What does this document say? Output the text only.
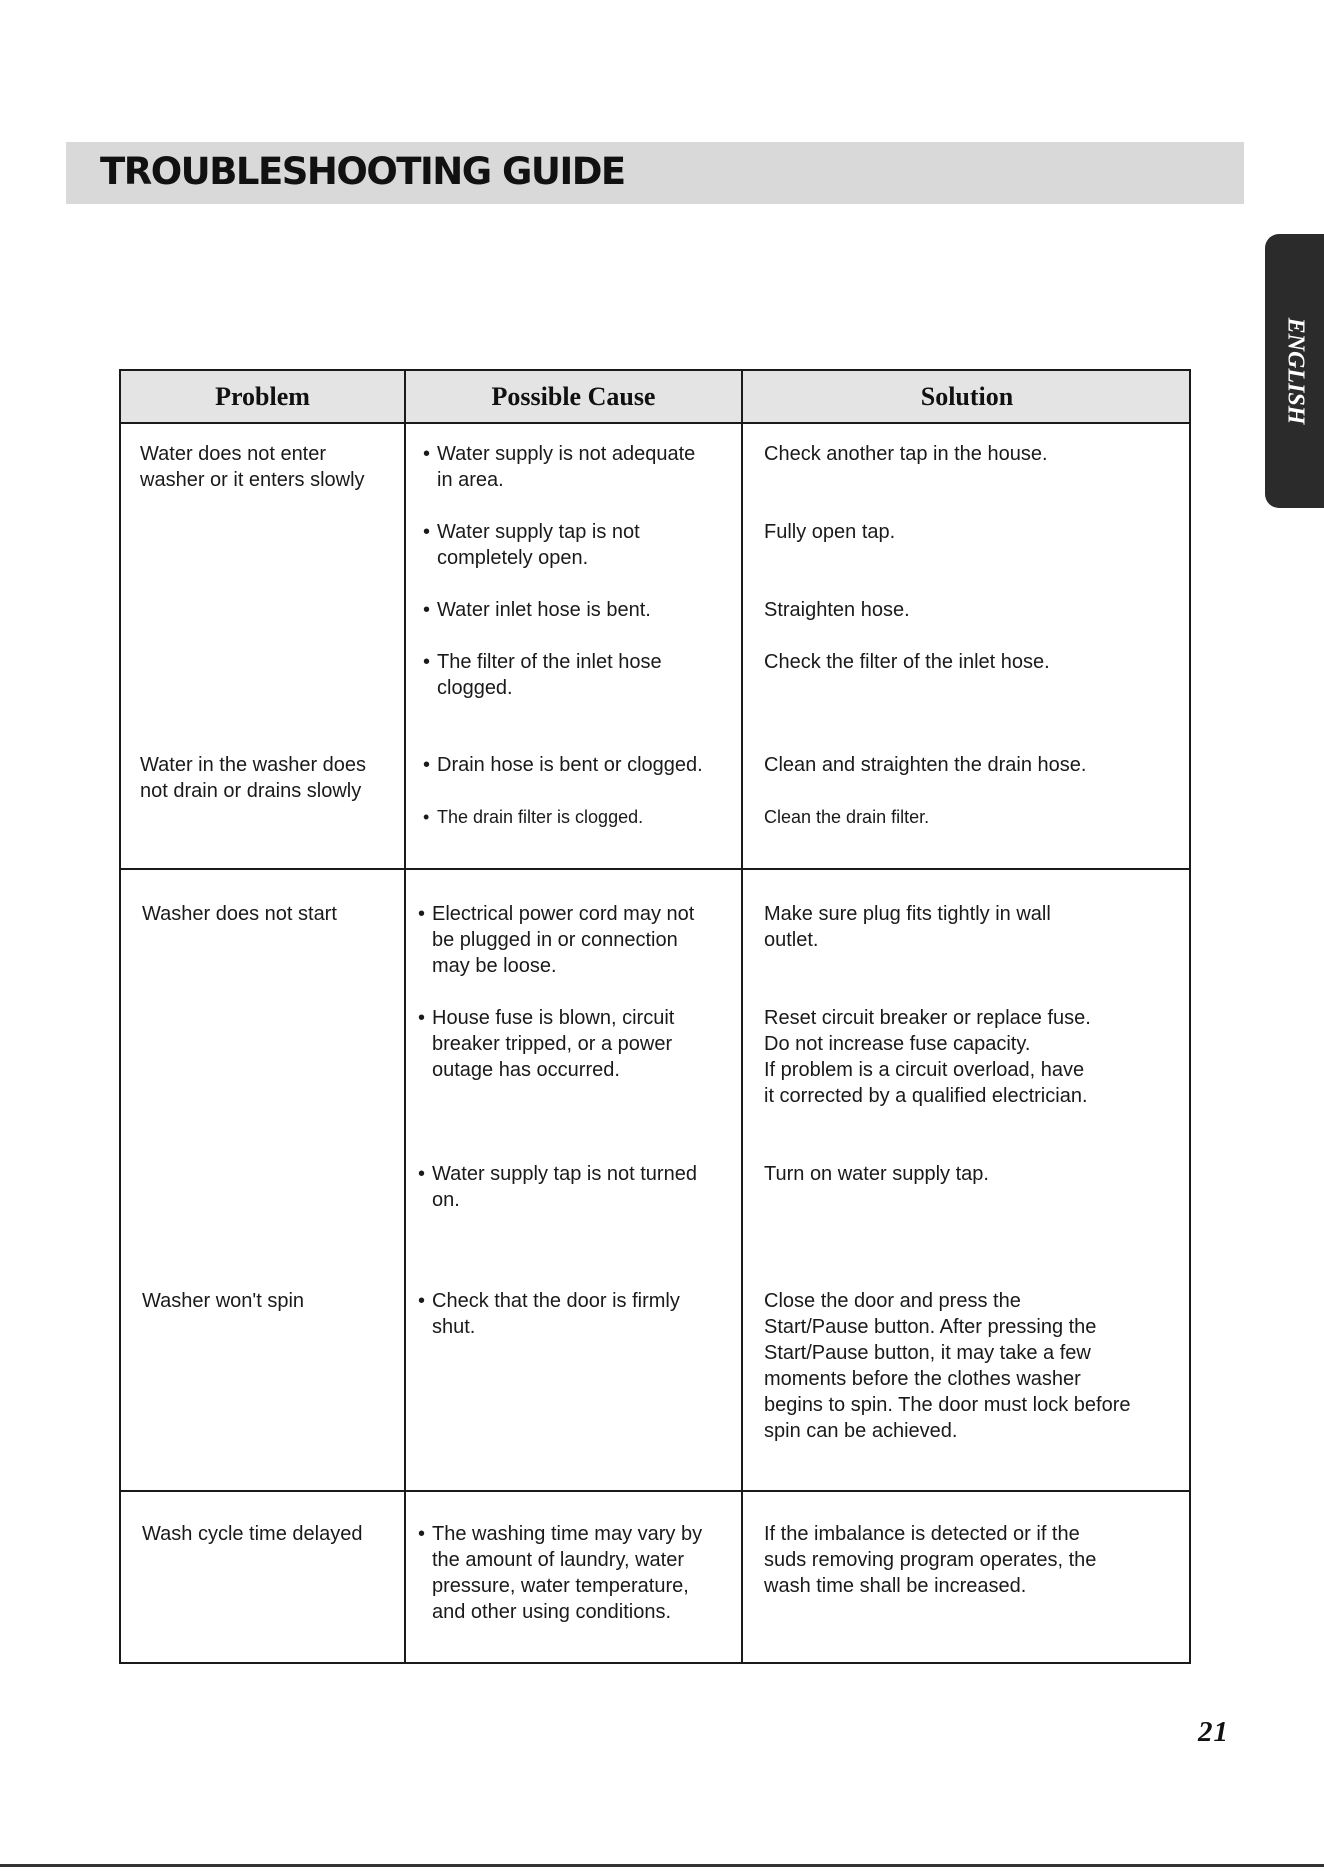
TROUBLESHOOTING GUIDE
ENGLISH
Problem	Possible Cause	Solution
Water does not enter
washer or it enters slowly
Water in the washer does
not drain or drains slowly
• Water supply is not adequate
in area.
• Water supply tap is not
completely open.
• Water inlet hose is bent.
• The filter of the inlet hose
clogged.
• Drain hose is bent or clogged.
• The drain filter is clogged.
Check another tap in the house.
Fully open tap.
Straighten hose.
Check the filter of the inlet hose.
Clean and straighten the drain hose.
Clean the drain filter.
Washer does not start
Washer won't spin
• Electrical power cord may not
be plugged in or connection
may be loose.
• House fuse is blown, circuit
breaker tripped, or a power
outage has occurred.
• Water supply tap is not turned
on.
• Check that the door is firmly
shut.
Make sure plug fits tightly in wall
outlet.
Reset circuit breaker or replace fuse.
Do not increase fuse capacity.
If problem is a circuit overload, have
it corrected by a qualified electrician.
Turn on water supply tap.
Close the door and press the
Start/Pause button. After pressing the
Start/Pause button, it may take a few
moments before the clothes washer
begins to spin. The door must lock before
spin can be achieved.
Wash cycle time delayed
•	The washing time may vary by
the amount of laundry, water
pressure, water temperature,
and other using conditions.
If the imbalance is detected or if the
suds removing program operates, the
wash time shall be increased.
21
